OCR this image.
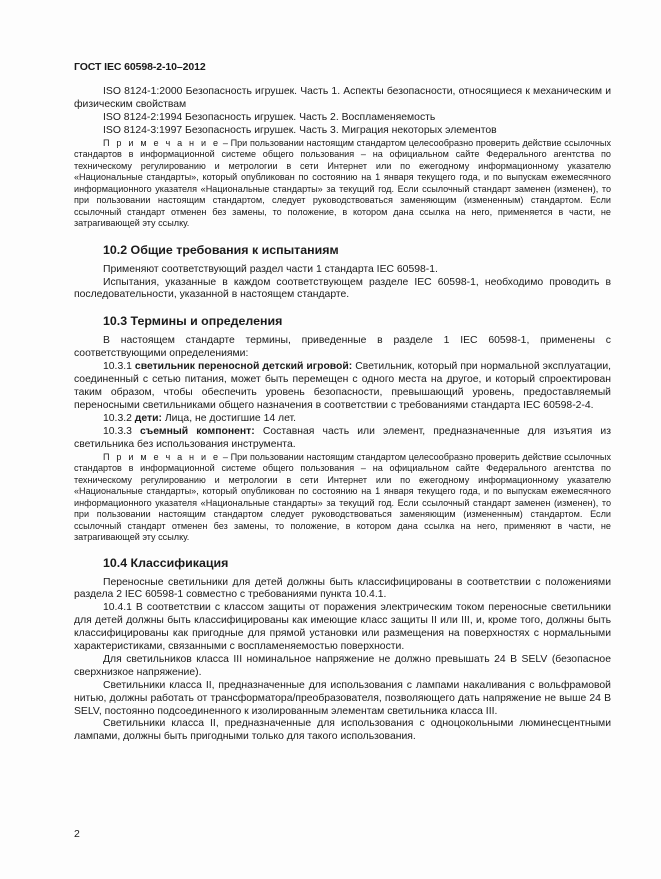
ГОСТ IEC 60598-2-10–2012

ISO 8124-1:2000 Безопасность игрушек. Часть 1. Аспекты безопасности, относящиеся к механическим и физическим свойствам

ISO 8124-2:1994 Безопасность игрушек. Часть 2. Воспламеняемость

ISO 8124-3:1997 Безопасность игрушек. Часть 3. Миграция некоторых элементов

П р и м е ч а н и е – При пользовании настоящим стандартом целесообразно проверить действие ссылочных стандартов в информационной системе общего пользования – на официальном сайте Федерального агентства по техническому регулированию и метрологии в сети Интернет или по ежегодному информационному указателю «Национальные стандарты», который опубликован по состоянию на 1 января текущего года, и по выпускам ежемесячного информационного указателя «Национальные стандарты» за текущий год. Если ссылочный стандарт заменен (изменен), то при пользовании настоящим стандартом, следует руководствоваться заменяющим (измененным) стандартом. Если ссылочный стандарт отменен без замены, то положение, в котором дана ссылка на него, применяется в части, не затрагивающей эту ссылку.

10.2 Общие требования к испытаниям

Применяют соответствующий раздел части 1 стандарта IEC 60598-1.

Испытания, указанные в каждом соответствующем разделе IEC 60598-1, необходимо проводить в последовательности, указанной в настоящем стандарте.

10.3 Термины и определения

В настоящем стандарте термины, приведенные в разделе 1 IEC 60598-1, применены с соответствующими определениями:

10.3.1 светильник переносной детский игровой: Светильник, который при нормальной эксплуатации, соединенный с сетью питания, может быть перемещен с одного места на другое, и который спроектирован таким образом, чтобы обеспечить уровень безопасности, превышающий уровень, предоставляемый переносными светильниками общего назначения в соответствии с требованиями стандарта IEC 60598-2-4.

10.3.2 дети: Лица, не достигшие 14 лет.

10.3.3 съемный компонент: Составная часть или элемент, предназначенные для изъятия из светильника без использования инструмента.

П р и м е ч а н и е – При пользовании настоящим стандартом целесообразно проверить действие ссылочных стандартов в информационной системе общего пользования – на официальном сайте Федерального агентства по техническому регулированию и метрологии в сети Интернет или по ежегодному информационному указателю «Национальные стандарты», который опубликован по состоянию на 1 января текущего года, и по выпускам ежемесячного информационного указателя «Национальные стандарты» за текущий год. Если ссылочный стандарт заменен (изменен), то при пользовании настоящим стандартом следует руководствоваться заменяющим (измененным) стандартом. Если ссылочный стандарт отменен без замены, то положение, в котором дана ссылка на него, применяют в части, не затрагивающей эту ссылку.

10.4 Классификация

Переносные светильники для детей должны быть классифицированы в соответствии с положениями раздела 2 IEC 60598-1 совместно с требованиями пункта 10.4.1.

10.4.1 В соответствии с классом защиты от поражения электрическим током переносные светильники для детей должны быть классифицированы как имеющие класс защиты II или III, и, кроме того, должны быть классифицированы как пригодные для прямой установки или размещения на поверхностях с нормальными характеристиками, связанными с воспламеняемостью поверхности.

Для светильников класса III номинальное напряжение не должно превышать 24 В SELV (безопасное сверхнизкое напряжение).

Светильники класса II, предназначенные для использования с лампами накаливания с вольфрамовой нитью, должны работать от трансформатора/преобразователя, позволяющего дать напряжение не выше 24 В SELV, постоянно подсоединенного к изолированным элементам светильника класса III.

Светильники класса II, предназначенные для использования с одноцокольными люминесцентными лампами, должны быть пригодными только для такого использования.

2
